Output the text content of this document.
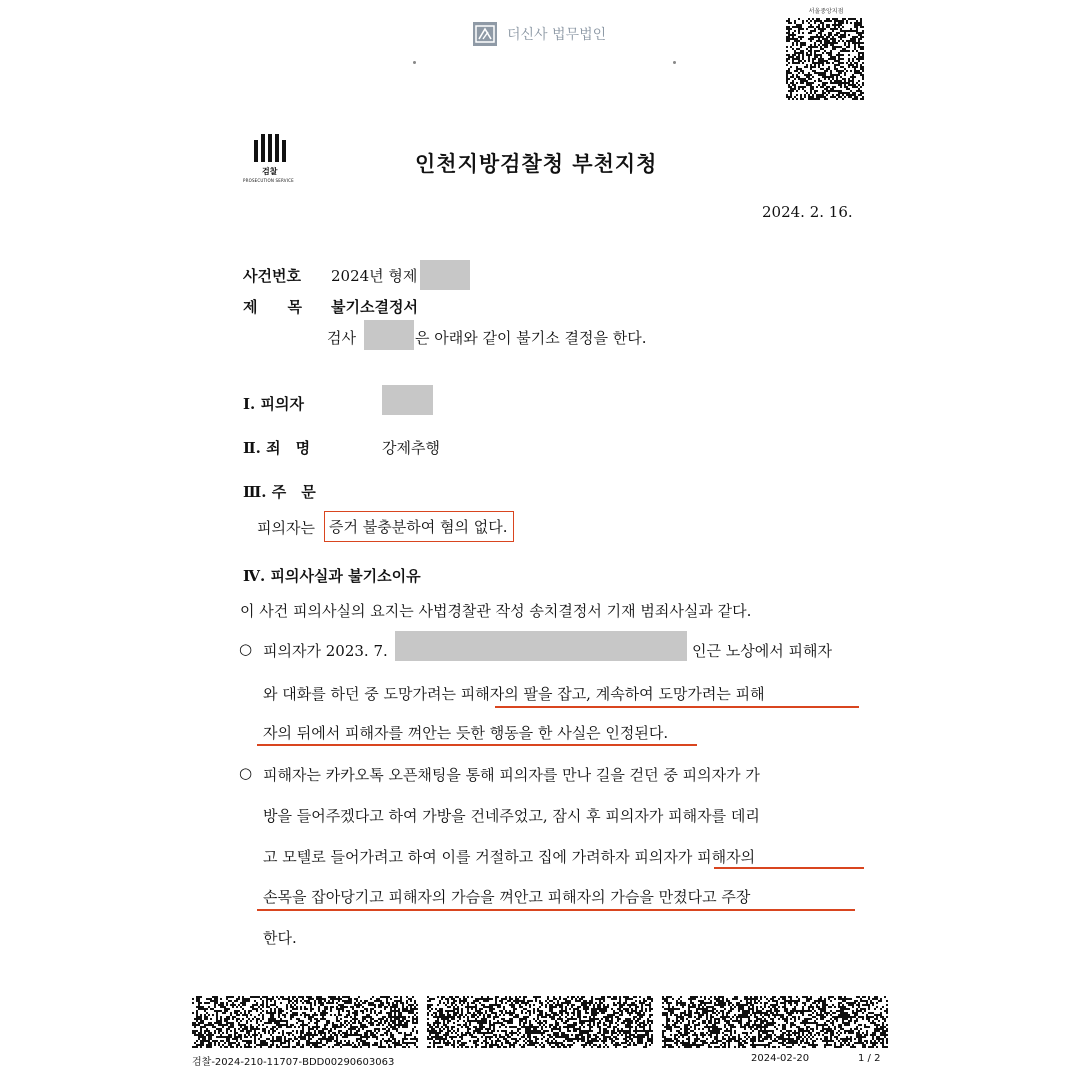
더신사 법무법인
서울중앙지점
검찰
PROSECUTION SERVICE
인천지방검찰청 부천지청
2024. 2. 16.
사건번호 2024년 형제
제　　목 불기소결정서
검사	은 아래와 같이 불기소 결정을 한다.
Ⅰ. 피의자
Ⅱ. 죄　명	강제추행
Ⅲ. 주　문
피의자는 증거 불충분하여 혐의 없다.
Ⅳ. 피의사실과 불기소이유
이 사건 피의사실의 요지는 사법경찰관 작성 송치결정서 기재 범죄사실과 같다.
○ 피의자가 2023. 7.	인근 노상에서 피해자
와 대화를 하던 중 도망가려는 피해자의 팔을 잡고, 계속하여 도망가려는 피해
자의 뒤에서 피해자를 껴안는 듯한 행동을 한 사실은 인정된다.
○ 피해자는 카카오톡 오픈채팅을 통해 피의자를 만나 길을 걷던 중 피의자가 가
방을 들어주겠다고 하여 가방을 건네주었고, 잠시 후 피의자가 피해자를 데리
고 모텔로 들어가려고 하여 이를 거절하고 집에 가려하자 피의자가 피해자의
손목을 잡아당기고 피해자의 가슴을 껴안고 피해자의 가슴을 만졌다고 주장
한다.
검찰-2024-210-11707-BDD00290603063	2024-02-20	1 / 2
